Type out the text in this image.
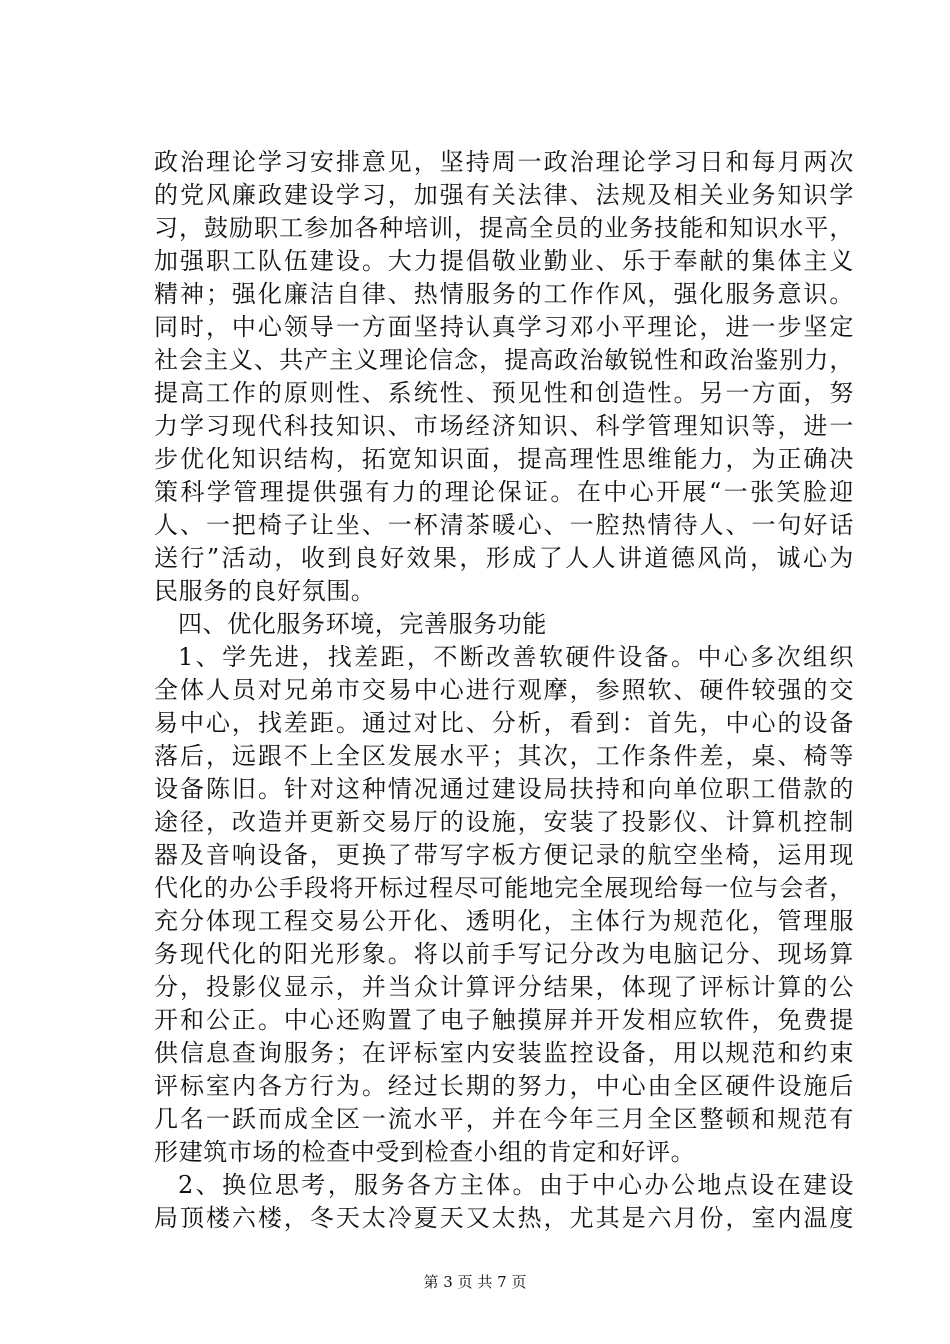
政治理论学习安排意见，坚持周一政治理论学习日和每月两次
的党风廉政建设学习，加强有关法律、法规及相关业务知识学
习，鼓励职工参加各种培训，提高全员的业务技能和知识水平，
加强职工队伍建设。大力提倡敬业勤业、乐于奉献的集体主义
精神；强化廉洁自律、热情服务的工作作风，强化服务意识。
同时，中心领导一方面坚持认真学习邓小平理论，进一步坚定
社会主义、共产主义理论信念，提高政治敏锐性和政治鉴别力，
提高工作的原则性、系统性、预见性和创造性。另一方面，努
力学习现代科技知识、市场经济知识、科学管理知识等，进一
步优化知识结构，拓宽知识面，提高理性思维能力，为正确决
策科学管理提供强有力的理论保证。在中心开展“一张笑脸迎
人、一把椅子让坐、一杯清茶暖心、一腔热情待人、一句好话
送行”活动，收到良好效果，形成了人人讲道德风尚，诚心为
民服务的良好氛围。
四、优化服务环境，完善服务功能
1、学先进，找差距，不断改善软硬件设备。中心多次组织
全体人员对兄弟市交易中心进行观摩，参照软、硬件较强的交
易中心，找差距。通过对比、分析，看到：首先，中心的设备
落后，远跟不上全区发展水平；其次，工作条件差，桌、椅等
设备陈旧。针对这种情况通过建设局扶持和向单位职工借款的
途径，改造并更新交易厅的设施，安装了投影仪、计算机控制
器及音响设备，更换了带写字板方便记录的航空坐椅，运用现
代化的办公手段将开标过程尽可能地完全展现给每一位与会者，
充分体现工程交易公开化、透明化，主体行为规范化，管理服
务现代化的阳光形象。将以前手写记分改为电脑记分、现场算
分，投影仪显示，并当众计算评分结果，体现了评标计算的公
开和公正。中心还购置了电子触摸屏并开发相应软件，免费提
供信息查询服务；在评标室内安装监控设备，用以规范和约束
评标室内各方行为。经过长期的努力，中心由全区硬件设施后
几名一跃而成全区一流水平，并在今年三月全区整顿和规范有
形建筑市场的检查中受到检查小组的肯定和好评。
2、换位思考，服务各方主体。由于中心办公地点设在建设
局顶楼六楼，冬天太冷夏天又太热，尤其是六月份，室内温度
第 3 页 共 7 页
